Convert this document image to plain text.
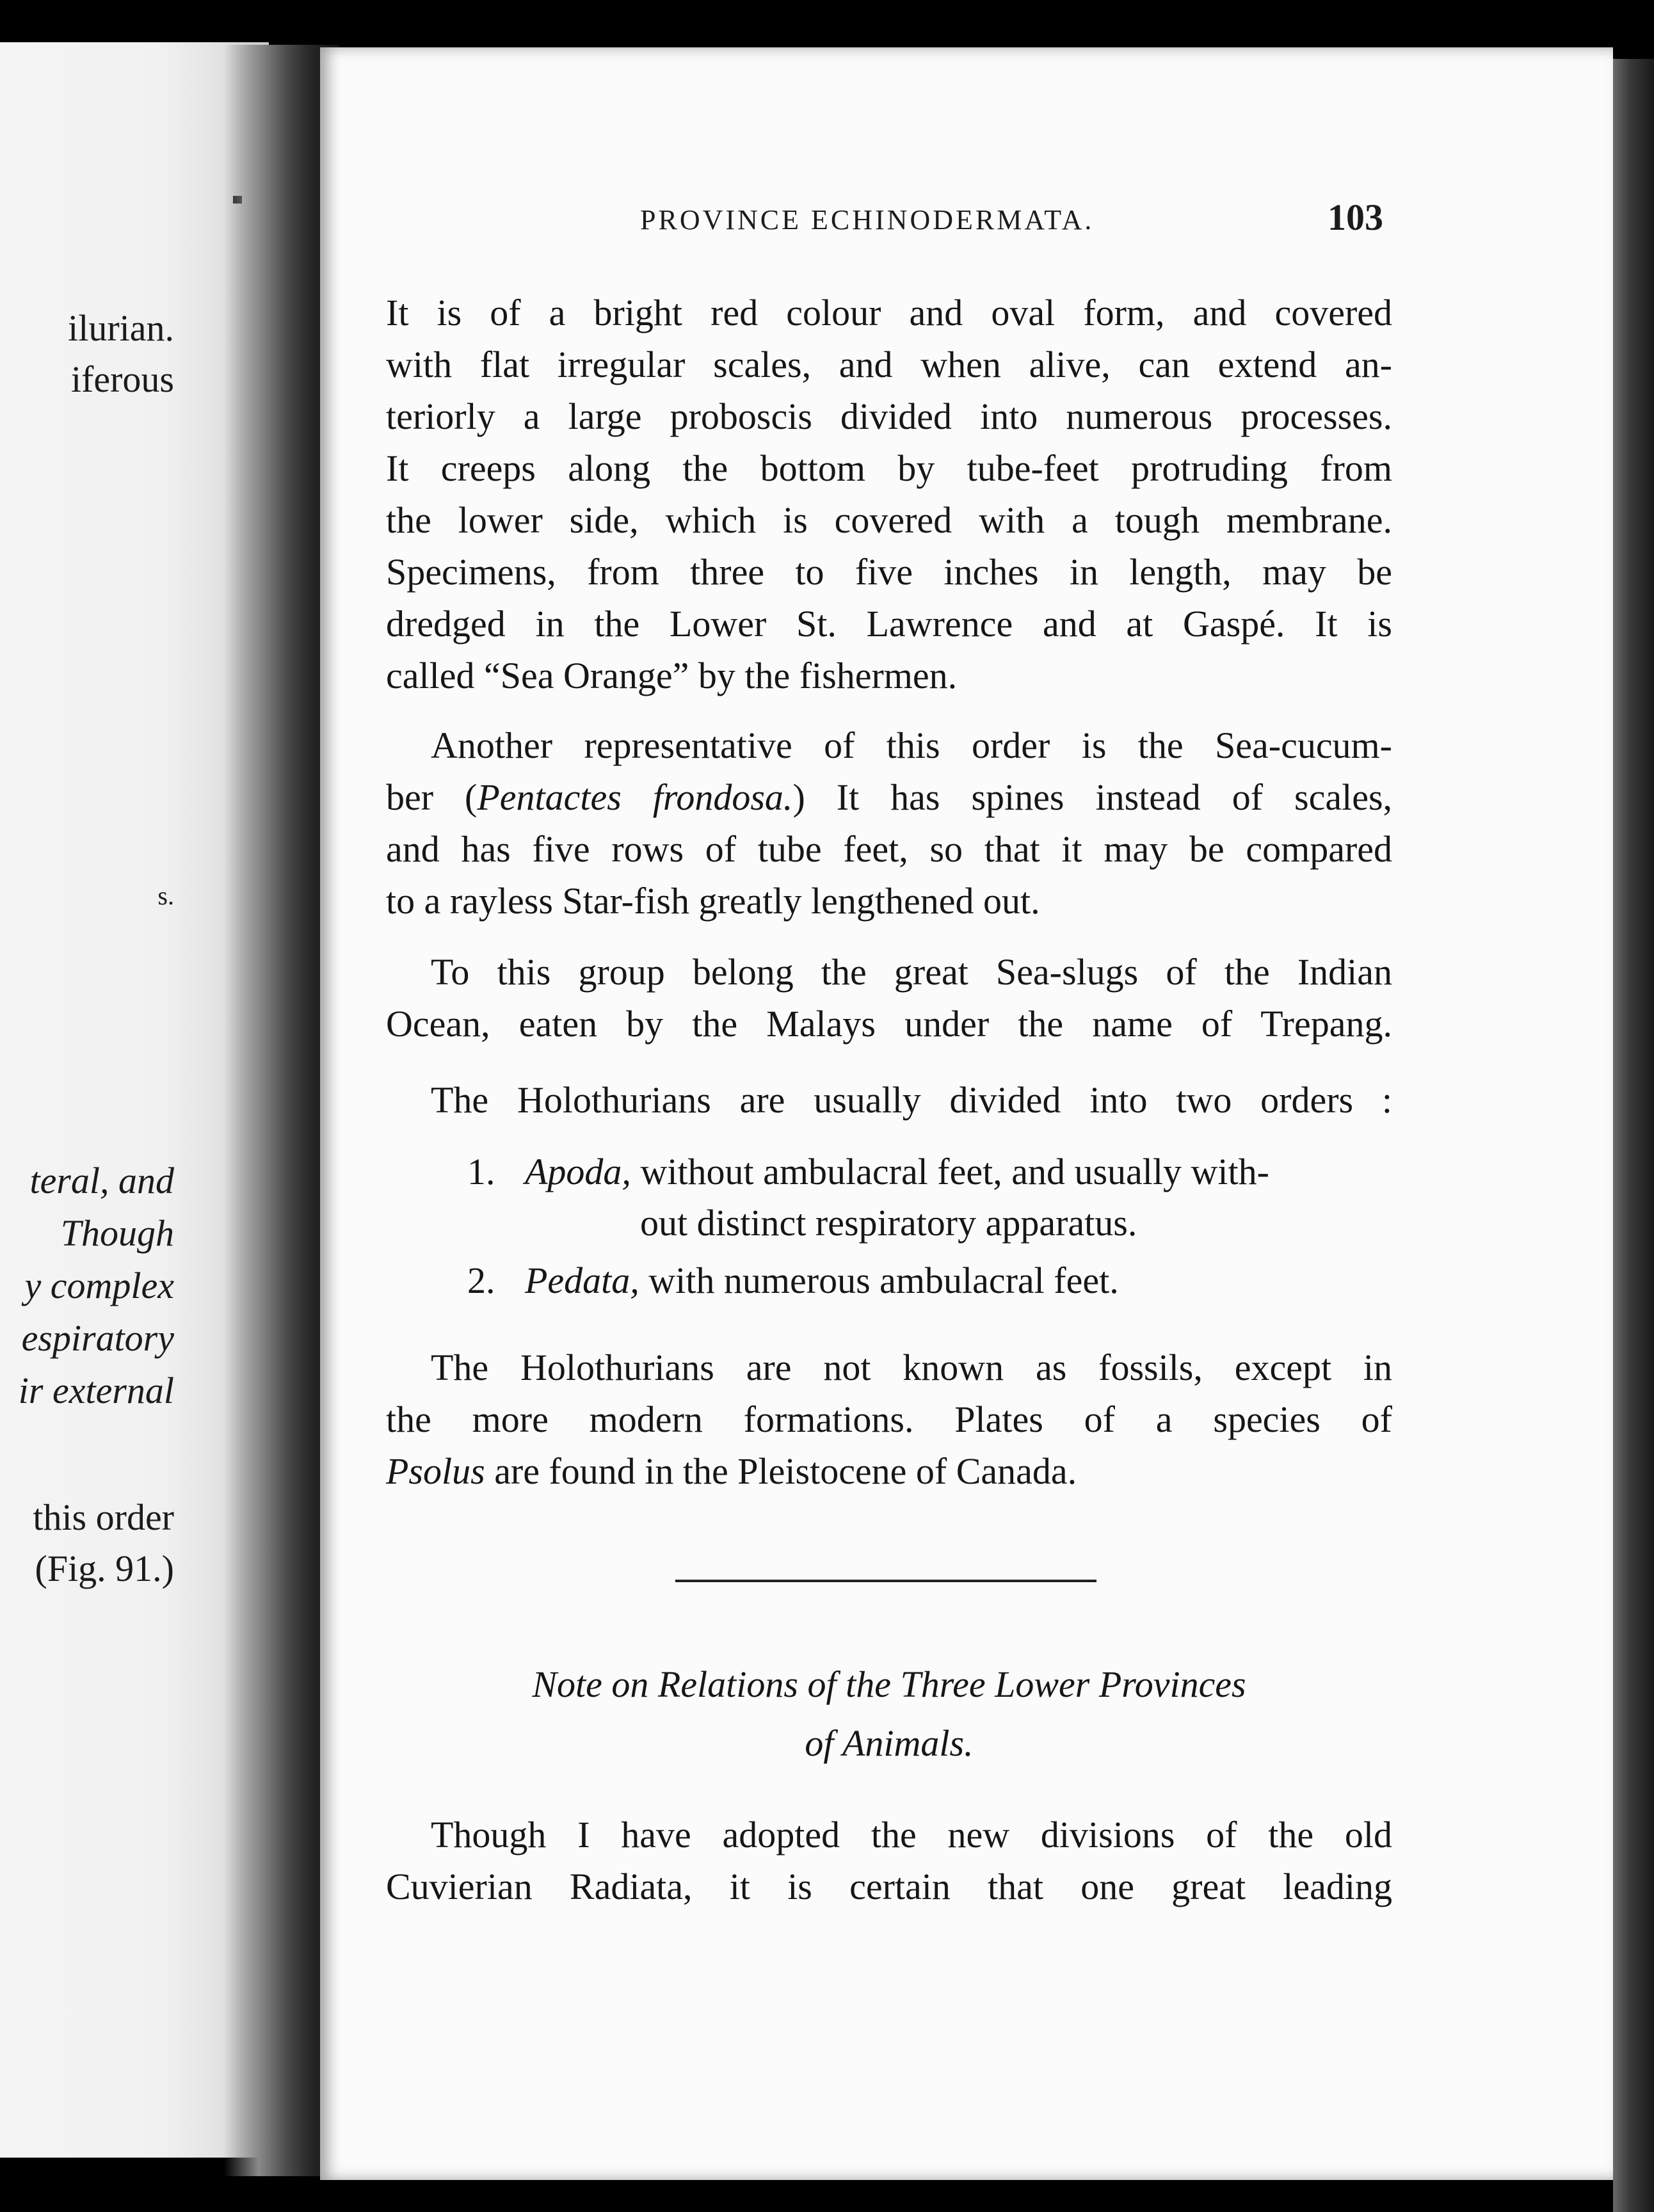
ilurian.
iferous
s.
teral, and
Though
y complex
espiratory
ir external
this order
(Fig. 91.)
PROVINCE ECHINODERMATA.	103
It is of a bright red colour and oval form, and covered
with flat irregular scales, and when alive, can extend an-
teriorly a large proboscis divided into numerous processes.
It creeps along the bottom by tube-feet protruding from
the lower side, which is covered with a tough membrane.
Specimens, from three to five inches in length, may be
dredged in the Lower St. Lawrence and at Gaspé. It is
called “Sea Orange” by the fishermen.
Another representative of this order is the Sea-cucum-
ber (Pentactes frondosa.) It has spines instead of scales,
and has five rows of tube feet, so that it may be compared
to a rayless Star-fish greatly lengthened out.
To this group belong the great Sea-slugs of the Indian
Ocean, eaten by the Malays under the name of Trepang.
The Holothurians are usually divided into two orders :
1. Apoda, without ambulacral feet, and usually with-
out distinct respiratory apparatus.
2. Pedata, with numerous ambulacral feet.
The Holothurians are not known as fossils, except in
the more modern formations. Plates of a species of
Psolus are found in the Pleistocene of Canada.
Note on Relations of the Three Lower Provinces
of Animals.
Though I have adopted the new divisions of the old
Cuvierian Radiata, it is certain that one great leading
